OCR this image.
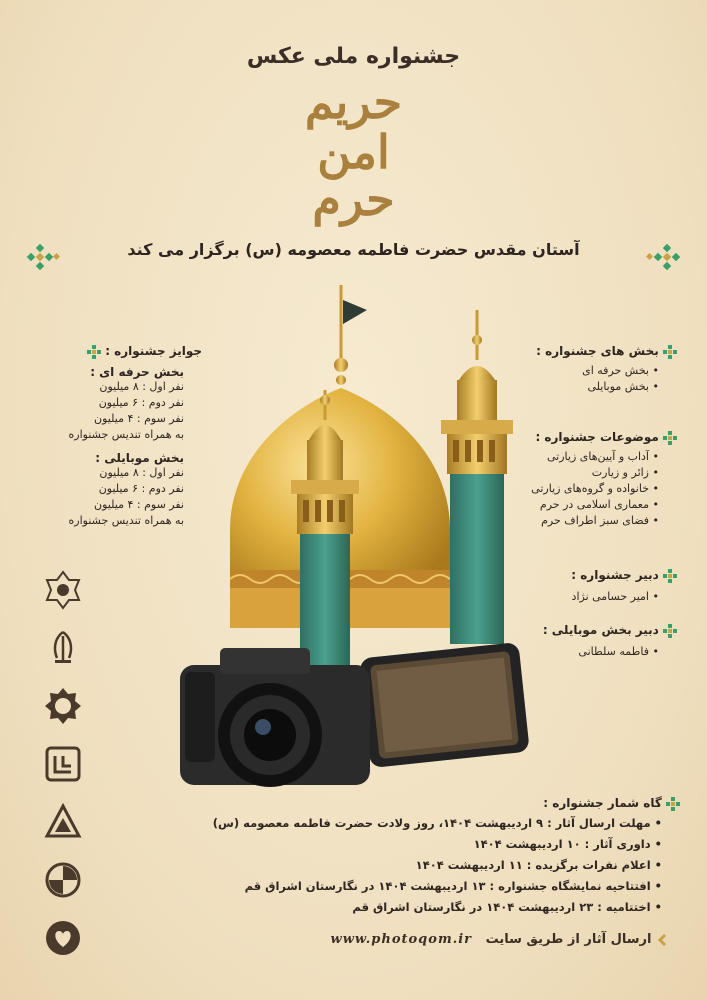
جشنواره ملی عکس
حریم
امن
حرم
آستان مقدس حضرت فاطمه معصومه (س) برگزار می کند
بخش های جشنواره :
• بخش حرفه ای
• بخش موبایلی
موضوعات جشنواره :
• آداب و آیین‌های زیارتی
• زائر و زیارت
• خانواده و گروه‌های زیارتی
• معماری اسلامی در حرم
• فضای سبز اطراف حرم
دبیر جشنواره :
• امیر حسامی نژاد
دبیر بخش موبایلی :
• فاطمه سلطانی
جوایز جشنواره :
بخش حرفه ای :
نفر اول : ۸ میلیون
نفر دوم : ۶ میلیون
نفر سوم : ۴ میلیون
به همراه تندیس جشنواره
بخش موبایلی :
نفر اول : ۸ میلیون
نفر دوم : ۶ میلیون
نفر سوم : ۴ میلیون
به همراه تندیس جشنواره

گاه شمار جشنواره :
• مهلت ارسال آثار : ۹ اردیبهشت ۱۴۰۴، روز ولادت حضرت فاطمه معصومه (س)
• داوری آثار : ۱۰ اردیبهشت ۱۴۰۴
• اعلام نفرات برگزیده : ۱۱ اردیبهشت ۱۴۰۴
• افتتاحیه نمایشگاه جشنواره : ۱۳ اردیبهشت ۱۴۰۴ در نگارستان اشراق قم
• اختتامیه : ۲۳ اردیبهشت ۱۴۰۴ در نگارستان اشراق قم
www.photoqom.ir ارسال آثار از طریق سایت
